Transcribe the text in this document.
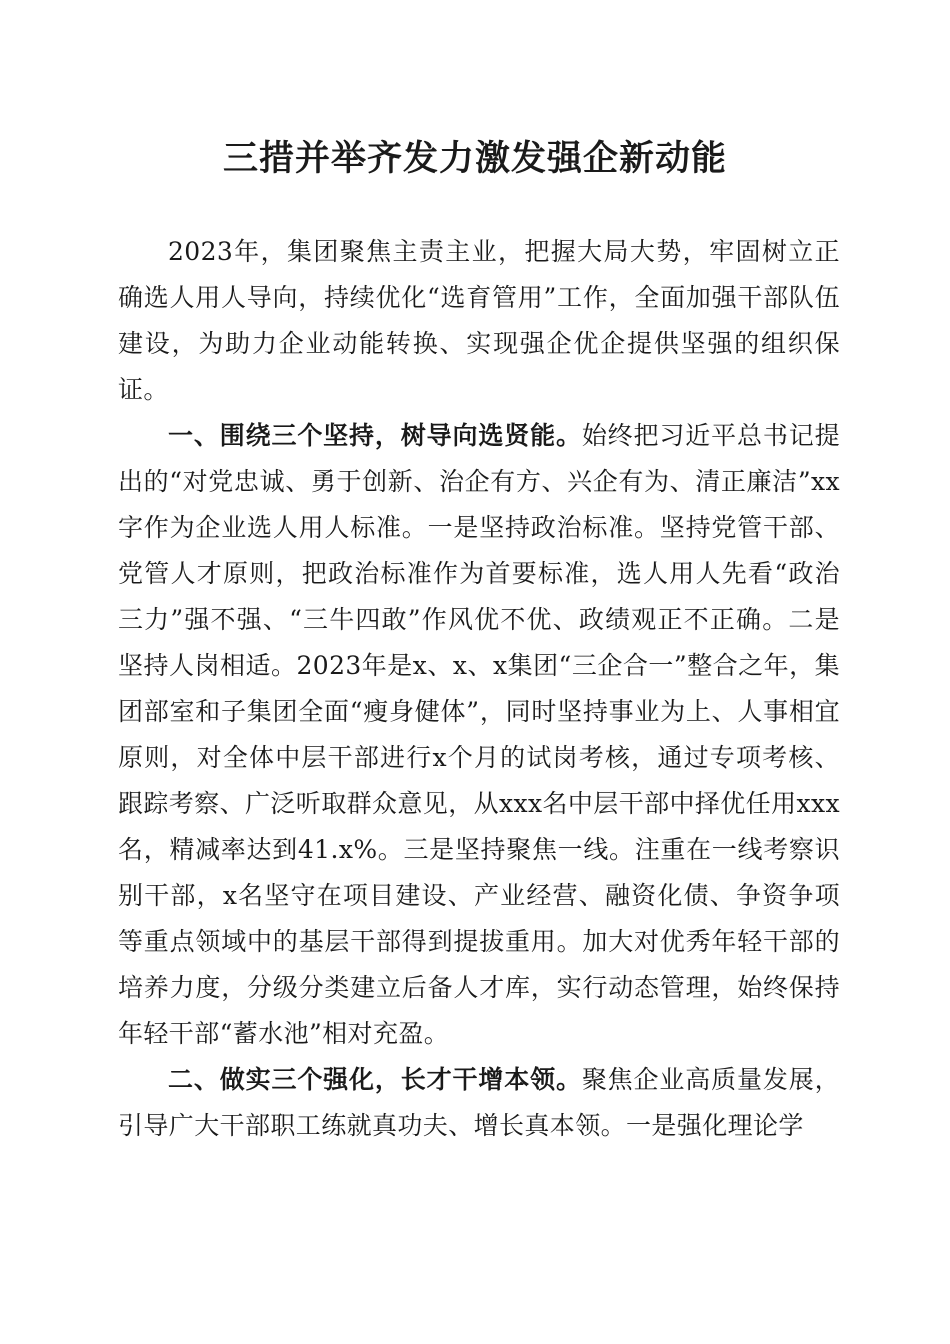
三措并举齐发力激发强企新动能

2023年，集团聚焦主责主业，把握大局大势，牢固树立正确选人用人导向，持续优化“选育管用”工作，全面加强干部队伍建设，为助力企业动能转换、实现强企优企提供坚强的组织保证。

一、围绕三个坚持，树导向选贤能。始终把习近平总书记提出的“对党忠诚、勇于创新、治企有方、兴企有为、清正廉洁”xx字作为企业选人用人标准。一是坚持政治标准。坚持党管干部、党管人才原则，把政治标准作为首要标准，选人用人先看“政治三力”强不强、“三牛四敢”作风优不优、政绩观正不正确。二是坚持人岗相适。2023年是x、x、x集团“三企合一”整合之年，集团部室和子集团全面“瘦身健体”，同时坚持事业为上、人事相宜原则，对全体中层干部进行x个月的试岗考核，通过专项考核、跟踪考察、广泛听取群众意见，从xxx名中层干部中择优任用xxx名，精减率达到41.x%。三是坚持聚焦一线。注重在一线考察识别干部，x名坚守在项目建设、产业经营、融资化债、争资争项等重点领域中的基层干部得到提拔重用。加大对优秀年轻干部的培养力度，分级分类建立后备人才库，实行动态管理，始终保持年轻干部“蓄水池”相对充盈。

二、做实三个强化，长才干增本领。聚焦企业高质量发展，引导广大干部职工练就真功夫、增长真本领。一是强化理论学
